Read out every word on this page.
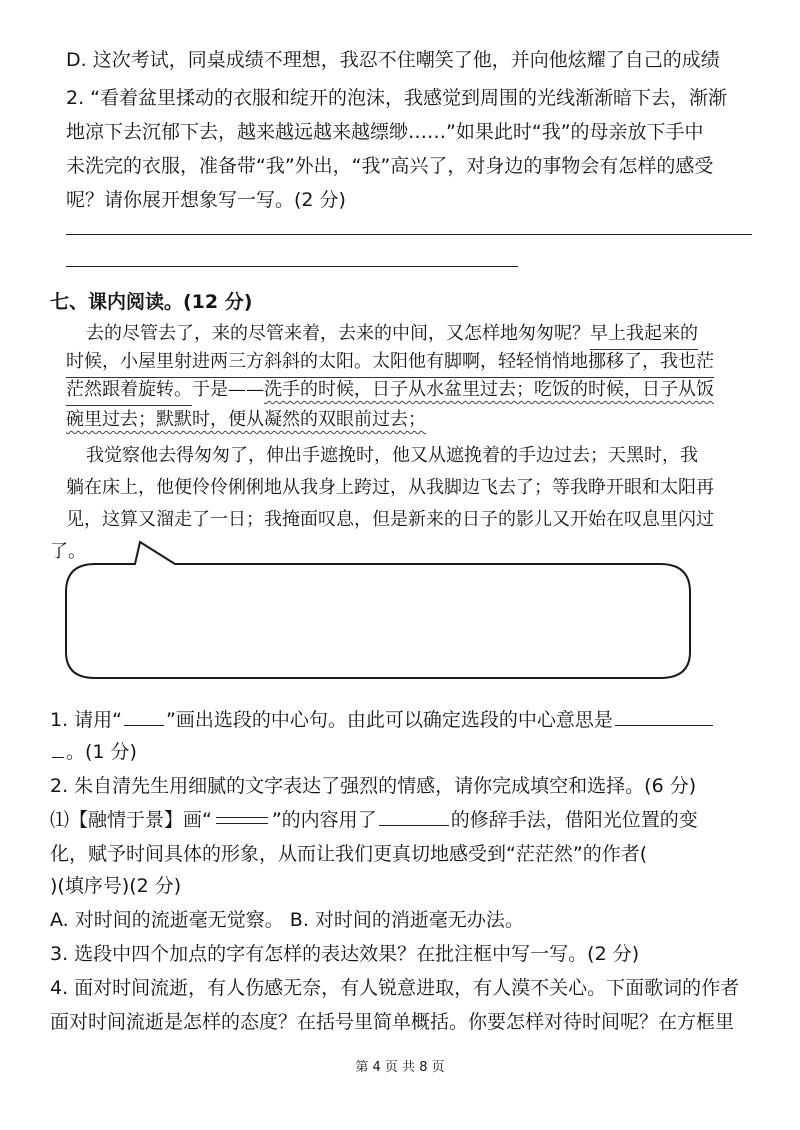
D. 这次考试，同桌成绩不理想，我忍不住嘲笑了他，并向他炫耀了自己的成绩
2. “看着盆里揉动的衣服和绽开的泡沫，我感觉到周围的光线渐渐暗下去，渐渐
地凉下去沉郁下去，越来越远越来越缥缈……”如果此时“我”的母亲放下手中
未洗完的衣服，准备带“我”外出，“我”高兴了，对身边的事物会有怎样的感受
呢？请你展开想象写一写。(2 分)
七、课内阅读。(12 分)
去的尽管去了，来的尽管来着，去来的中间，又怎样地匆匆呢？早上我起来的
时候，小屋里射进两三方斜斜的太阳。太阳他有脚啊，轻轻悄悄地挪移了，我也茫
茫然跟着旋转。于是——洗手的时候，日子从水盆里过去；吃饭的时候，日子从饭
碗里过去；默默时，便从凝然的双眼前过去；
我觉察他去得匆匆了，伸出手遮挽时，他又从遮挽着的手边过去；天黑时，我
躺在床上，他便伶伶俐俐地从我身上跨过，从我脚边飞去了；等我睁开眼和太阳再
见，这算又溜走了一日；我掩面叹息，但是新来的日子的影儿又开始在叹息里闪过
了。
1. 请用“ ”画出选段的中心句。由此可以确定选段的中心意思是
。(1 分)
2. 朱自清先生用细腻的文字表达了强烈的情感，请你完成填空和选择。(6 分)
⑴【融情于景】画“	”的内容用了	的修辞手法，借阳光位置的变
化，赋予时间具体的形象，从而让我们更真切地感受到“茫茫然”的作者(
)(填序号)(2 分)
A. 对时间的流逝毫无觉察。 B. 对时间的消逝毫无办法。
3. 选段中四个加点的字有怎样的表达效果？在批注框中写一写。(2 分)
4. 面对时间流逝，有人伤感无奈，有人锐意进取，有人漠不关心。下面歌词的作者
面对时间流逝是怎样的态度？在括号里简单概括。你要怎样对待时间呢？在方框里
第 4 页 共 8 页
